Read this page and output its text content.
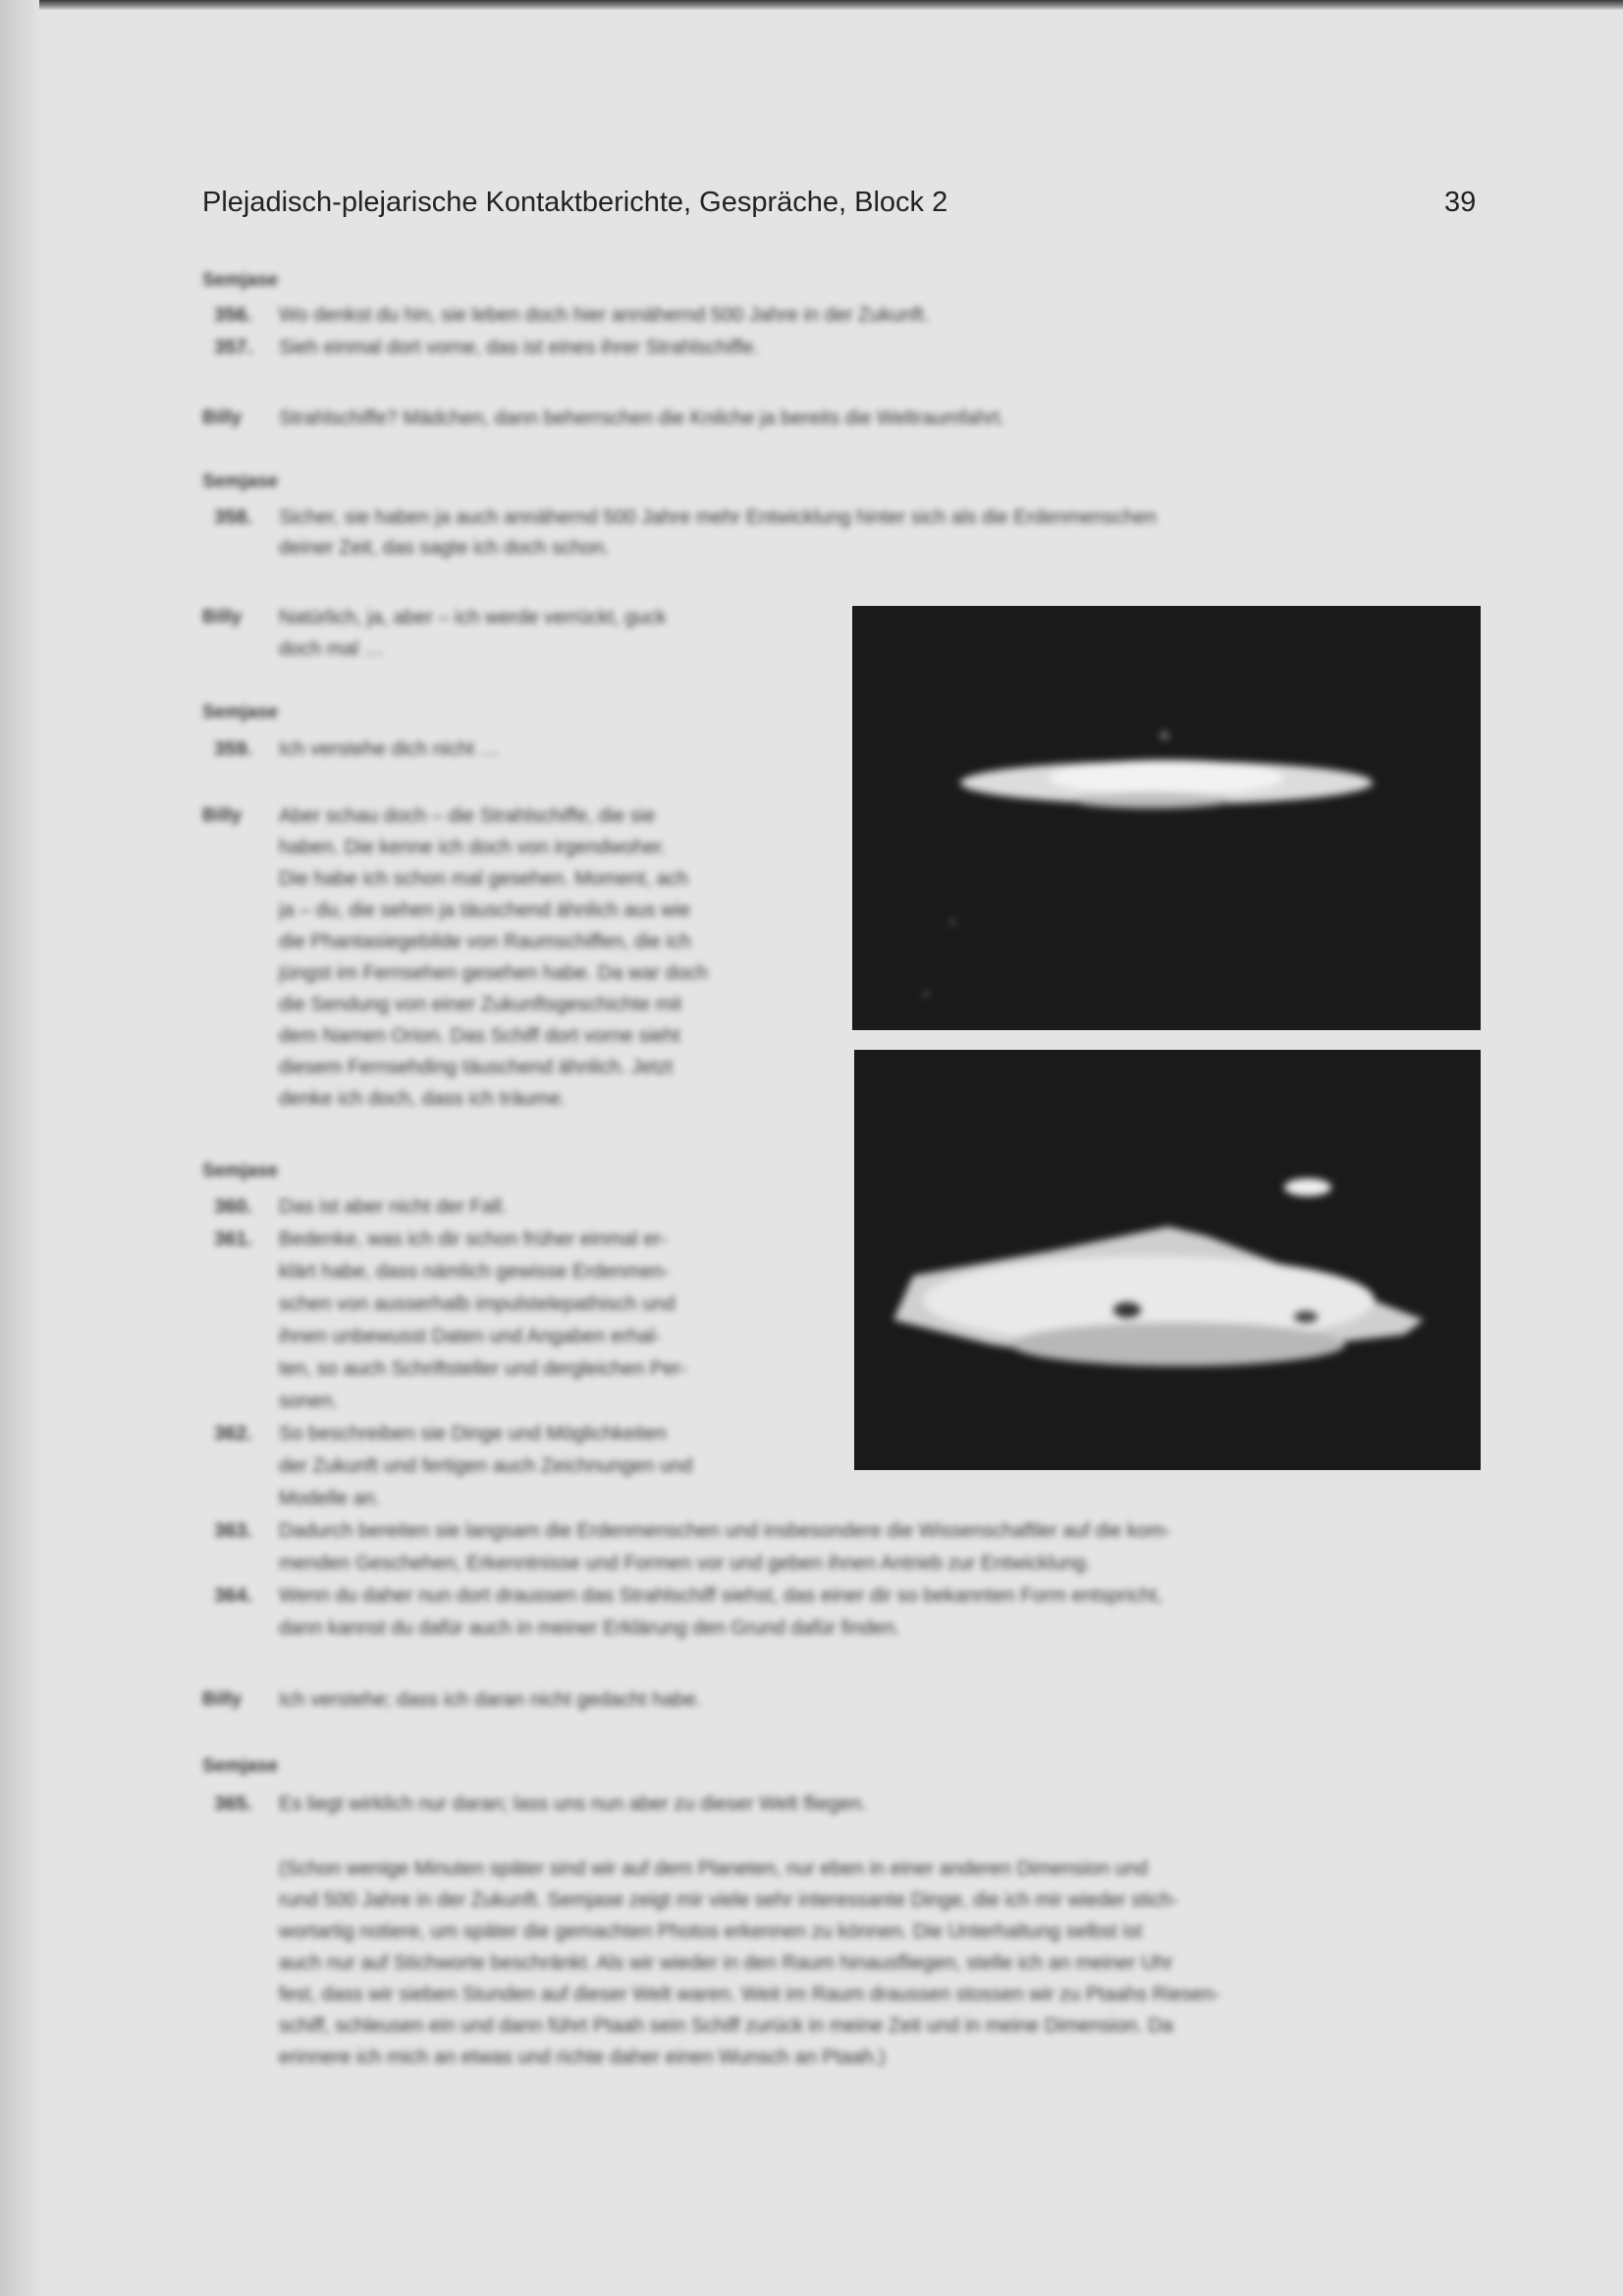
Plejadisch-plejarische Kontaktberichte, Gespräche, Block 2	39
Semjase
356. Wo denkst du hin, sie leben doch hier annähernd 500 Jahre in der Zukunft.
357. Sieh einmal dort vorne, das ist eines ihrer Strahlschiffe.
Billy Strahlschiffe? Mädchen, dann beherrschen die Knilche ja bereits die Weltraumfahrt.
Semjase
358. Sicher, sie haben ja auch annähernd 500 Jahre mehr Entwicklung hinter sich als die Erdenmenschen
deiner Zeit, das sagte ich doch schon.
Billy Natürlich, ja, aber – ich werde verrückt, guck
doch mal …
Semjase
359. Ich verstehe dich nicht …
Billy Aber schau doch – die Strahlschiffe, die sie
haben. Die kenne ich doch von irgendwoher.
Die habe ich schon mal gesehen. Moment, ach
ja – du, die sehen ja täuschend ähnlich aus wie
die Phantasiegebilde von Raumschiffen, die ich
jüngst im Fernsehen gesehen habe. Da war doch
die Sendung von einer Zukunftsgeschichte mit
dem Namen Orion. Das Schiff dort vorne sieht
diesem Fernsehding täuschend ähnlich. Jetzt
denke ich doch, dass ich träume.
Semjase
360. Das ist aber nicht der Fall.
361. Bedenke, was ich dir schon früher einmal er-
klärt habe, dass nämlich gewisse Erdenmen-
schen von ausserhalb impulstelepathisch und
ihnen unbewusst Daten und Angaben erhal-
ten, so auch Schriftsteller und dergleichen Per-
sonen.
362. So beschreiben sie Dinge und Möglichkeiten
der Zukunft und fertigen auch Zeichnungen und
Modelle an.
363. Dadurch bereiten sie langsam die Erdenmenschen und insbesondere die Wissenschaftler auf die kom-
menden Geschehen, Erkenntnisse und Formen vor und geben ihnen Antrieb zur Entwicklung.
364. Wenn du daher nun dort draussen das Strahlschiff siehst, das einer dir so bekannten Form entspricht,
dann kannst du dafür auch in meiner Erklärung den Grund dafür finden.
Billy Ich verstehe; dass ich daran nicht gedacht habe.
Semjase
365. Es liegt wirklich nur daran; lass uns nun aber zu dieser Welt fliegen.
(Schon wenige Minuten später sind wir auf dem Planeten, nur eben in einer anderen Dimension und
rund 500 Jahre in der Zukunft. Semjase zeigt mir viele sehr interessante Dinge, die ich mir wieder stich-
wortartig notiere, um später die gemachten Photos erkennen zu können. Die Unterhaltung selbst ist
auch nur auf Stichworte beschränkt. Als wir wieder in den Raum hinausfliegen, stelle ich an meiner Uhr
fest, dass wir sieben Stunden auf dieser Welt waren. Weit im Raum draussen stossen wir zu Ptaahs Riesen-
schiff, schleusen ein und dann führt Ptaah sein Schiff zurück in meine Zeit und in meine Dimension. Da
erinnere ich mich an etwas und richte daher einen Wunsch an Ptaah.)
